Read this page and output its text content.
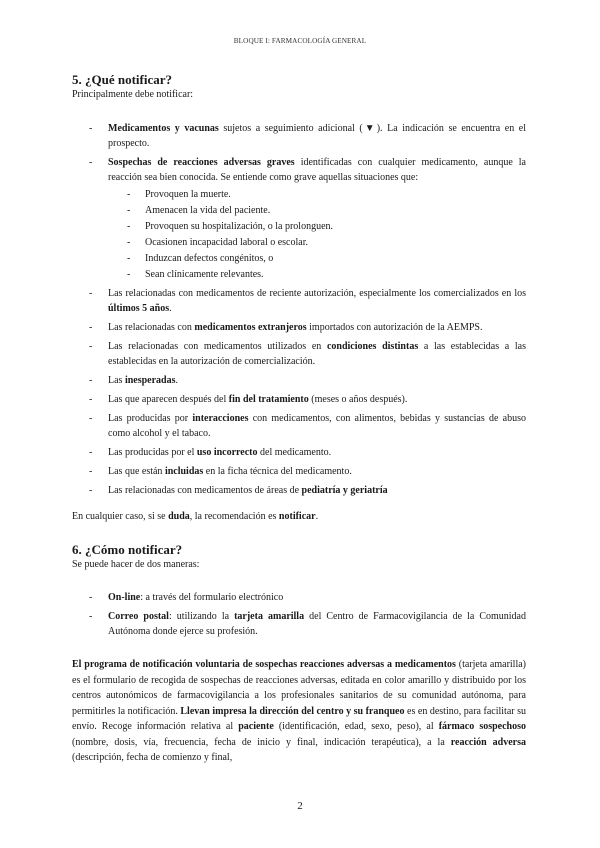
BLOQUE I: FARMACOLOGÍA GENERAL
5. ¿Qué notificar?

Principalmente debe notificar:

- Medicamentos y vacunas sujetos a seguimiento adicional (▼). La indicación se encuentra en el prospecto.
- Sospechas de reacciones adversas graves identificadas con cualquier medicamento, aunque la reacción sea bien conocida. Se entiende como grave aquellas situaciones que:
- Provoquen la muerte.
- Amenacen la vida del paciente.
- Provoquen su hospitalización, o la prolonguen.
- Ocasionen incapacidad laboral o escolar.
- Induzcan defectos congénitos, o
- Sean clínicamente relevantes.
- Las relacionadas con medicamentos de reciente autorización, especialmente los comercializados en los últimos 5 años.
- Las relacionadas con medicamentos extranjeros importados con autorización de la AEMPS.
- Las relacionadas con medicamentos utilizados en condiciones distintas a las establecidas a las establecidas en la autorización de comercialización.
- Las inesperadas.
- Las que aparecen después del fin del tratamiento (meses o años después).
- Las producidas por interacciones con medicamentos, con alimentos, bebidas y sustancias de abuso como alcohol y el tabaco.
- Las producidas por el uso incorrecto del medicamento.
- Las que están incluidas en la ficha técnica del medicamento.
- Las relacionadas con medicamentos de áreas de pediatría y geriatría

En cualquier caso, si se duda, la recomendación es notificar.

6. ¿Cómo notificar?

Se puede hacer de dos maneras:

- On-line: a través del formulario electrónico
- Correo postal: utilizando la tarjeta amarilla del Centro de Farmacovigilancia de la Comunidad Autónoma donde ejerce su profesión.

El programa de notificación voluntaria de sospechas reacciones adversas a medicamentos (tarjeta amarilla) es el formulario de recogida de sospechas de reacciones adversas, editada en color amarillo y distribuido por los centros autonómicos de farmacovigilancia a los profesionales sanitarios de su comunidad autónoma, para permitirles la notificación. Llevan impresa la dirección del centro y su franqueo es en destino, para facilitar su envío. Recoge información relativa al paciente (identificación, edad, sexo, peso), al fármaco sospechoso (nombre, dosis, vía, frecuencia, fecha de inicio y final, indicación terapéutica), a la reacción adversa (descripción, fecha de comienzo y final,

2
